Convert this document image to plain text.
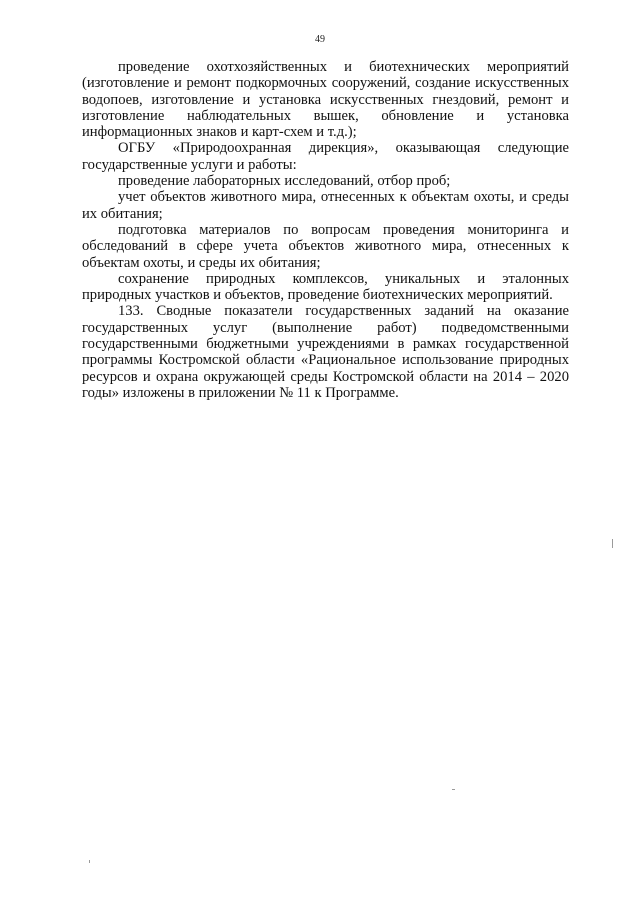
49

проведение охотхозяйственных и биотехнических мероприятий (изготовление и ремонт подкормочных сооружений, создание искусственных водопоев, изготовление и установка искусственных гнездовий, ремонт и изготовление наблюдательных вышек, обновление и установка информационных знаков и карт-схем и т.д.);

ОГБУ «Природоохранная дирекция», оказывающая следующие государственные услуги и работы:

проведение лабораторных исследований, отбор проб;

учет объектов животного мира, отнесенных к объектам охоты, и среды их обитания;

подготовка материалов по вопросам проведения мониторинга и обследований в сфере учета объектов животного мира, отнесенных к объектам охоты, и среды их обитания;

сохранение природных комплексов, уникальных и эталонных природных участков и объектов, проведение биотехнических мероприятий.

133. Сводные показатели государственных заданий на оказание государственных услуг (выполнение работ) подведомственными государственными бюджетными учреждениями в рамках государственной программы Костромской области «Рациональное использование природных ресурсов и охрана окружающей среды Костромской области на 2014 – 2020 годы» изложены в приложении № 11 к Программе.
